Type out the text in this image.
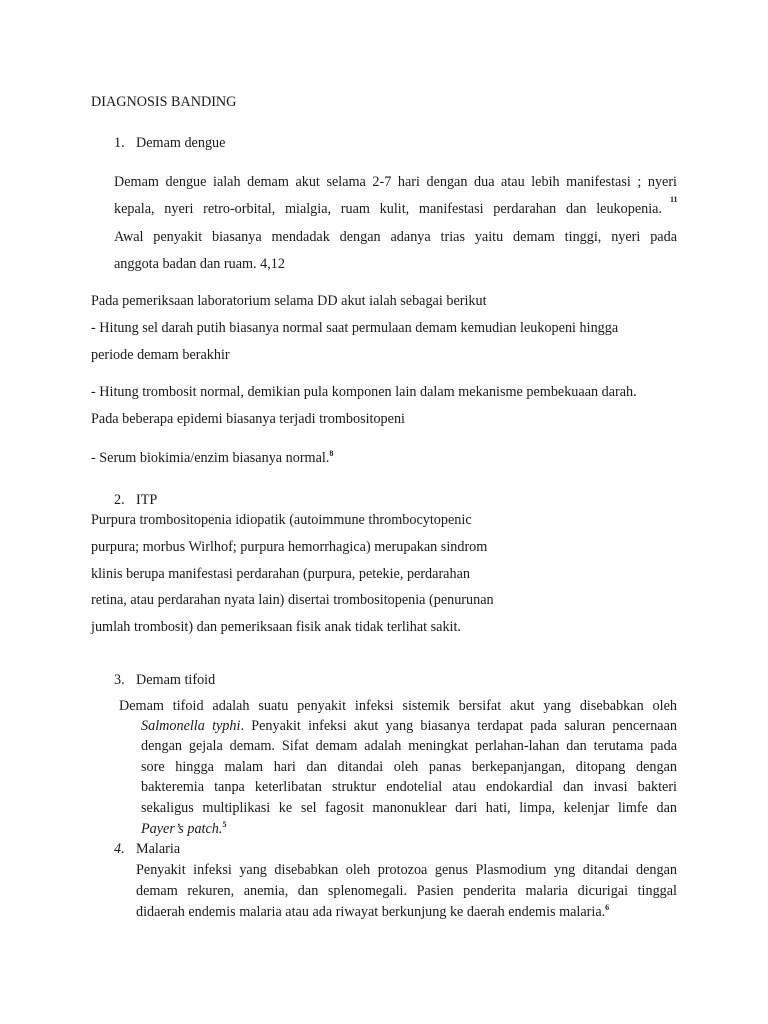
DIAGNOSIS BANDING
1. Demam dengue
Demam dengue ialah demam akut selama 2-7 hari dengan dua atau lebih manifestasi ; nyeri
kepala, nyeri retro-orbital, mialgia, ruam kulit, manifestasi perdarahan dan leukopenia.
11
Awal penyakit biasanya mendadak dengan adanya trias yaitu demam tinggi, nyeri pada
anggota badan dan ruam. 4,12
Pada pemeriksaan laboratorium selama DD akut ialah sebagai berikut
- Hitung sel darah putih biasanya normal saat permulaan demam kemudian leukopeni hingga
periode demam berakhir
- Hitung trombosit normal, demikian pula komponen lain dalam mekanisme pembekuaan darah.
Pada beberapa epidemi biasanya terjadi trombositopeni
- Serum biokimia/enzim biasanya normal.$^8$
2. ITP
Purpura trombositopenia idiopatik (autoimmune thrombocytopenic
purpura; morbus Wirlhof; purpura hemorrhagica) merupakan sindrom
klinis berupa manifestasi perdarahan (purpura, petekie, perdarahan
retina, atau perdarahan nyata lain) disertai trombositopenia (penurunan
jumlah trombosit) dan pemeriksaan fisik anak tidak terlihat sakit.
3. Demam tifoid
Demam tifoid adalah suatu penyakit infeksi sistemik bersifat akut yang disebabkan oleh
Salmonella typhi. Penyakit infeksi akut yang biasanya terdapat pada saluran pencernaan
dengan gejala demam. Sifat demam adalah meningkat perlahan-lahan dan terutama pada
sore hingga malam hari dan ditandai oleh panas berkepanjangan, ditopang dengan
bakteremia tanpa keterlibatan struktur endotelial atau endokardial dan invasi bakteri
sekaligus multiplikasi ke sel fagosit manonuklear dari hati, limpa, kelenjar limfe dan
Payer’s patch.$^5$
4. Malaria
Penyakit infeksi yang disebabkan oleh protozoa genus Plasmodium yng ditandai dengan
demam rekuren, anemia, dan splenomegali. Pasien penderita malaria dicurigai tinggal
didaerah endemis malaria atau ada riwayat berkunjung ke daerah endemis malaria.$^6$
